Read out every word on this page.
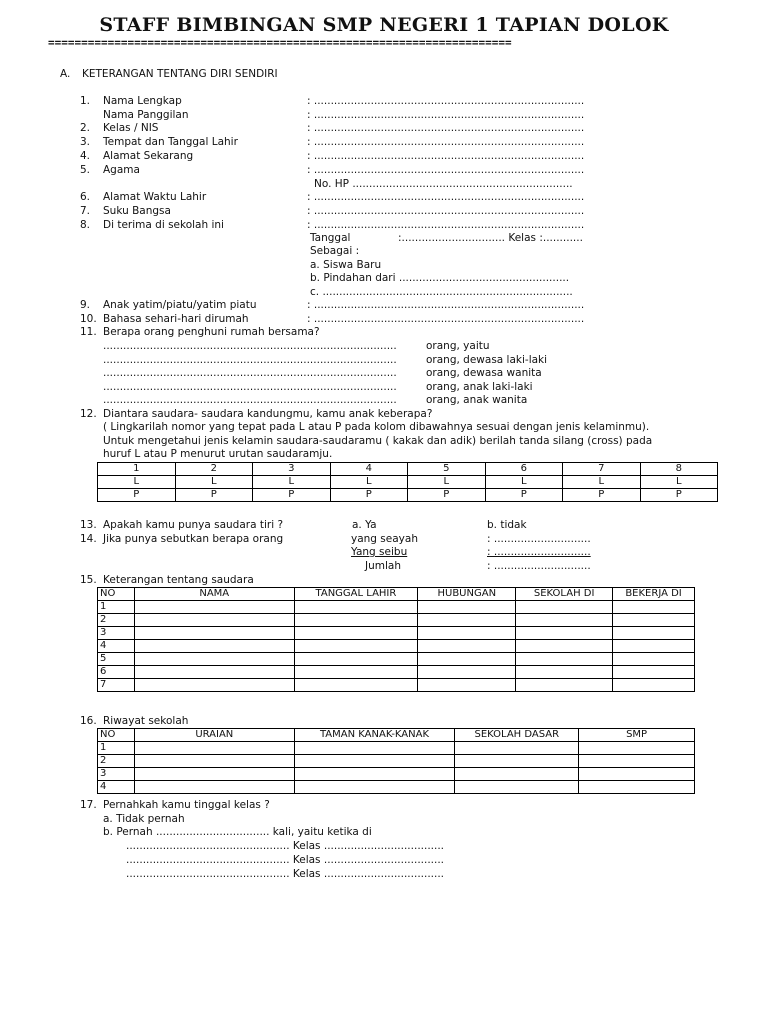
STAFF BIMBINGAN SMP NEGERI 1 TAPIAN DOLOK
======================================================================
A. KETERANGAN TENTANG DIRI SENDIRI
1. Nama Lengkap	: .................................................................................
Nama Panggilan	: .................................................................................
2. Kelas / NIS	: .................................................................................
3. Tempat dan Tanggal Lahir	: .................................................................................
4. Alamat Sekarang	: .................................................................................
5. Agama	: .................................................................................
6. Alamat Waktu Lahir	: .................................................................................
7. Suku Bangsa	: .................................................................................
8. Di terima di sekolah ini	: .................................................................................
9. Anak yatim/piatu/yatim piatu	: .................................................................................
10. Bahasa sehari-hari dirumah	: .................................................................................
No. HP ..................................................................
Tanggal	:............................... Kelas :............
Sebagai :
a. Siswa Baru
b. Pindahan dari ...................................................
c. ...........................................................................
11. Berapa orang penghuni rumah bersama?
........................................................................................	orang, yaitu
........................................................................................	orang, dewasa laki-laki
........................................................................................	orang, dewasa wanita
........................................................................................	orang, anak laki-laki
........................................................................................	orang, anak wanita
12. Diantara saudara- saudara kandungmu, kamu anak keberapa?
( Lingkarilah nomor yang tepat pada L atau P pada kolom dibawahnya sesuai dengan jenis kelaminmu).
Untuk mengetahui jenis kelamin saudara-saudaramu ( kakak dan adik) berilah tanda silang (cross) pada
huruf L atau P menurut urutan saudaramju.
1	2	3	4	5	6	7	8
L	L	L	L	L	L	L	L
P	P	P	P	P	P	P	P
13. Apakah kamu punya saudara tiri ?	a. Ya	b. tidak
14. Jika punya sebutkan berapa orang	yang seayah	: .............................
Yang seibu	: .............................
Jumlah	: .............................
15. Keterangan tentang saudara
NO	NAMA	TANGGAL LAHIR	HUBUNGAN	SEKOLAH DI	BEKERJA DI
1					
2					
3					
4					
5					
6					
7					
16. Riwayat sekolah
NO	URAIAN	TAMAN KANAK-KANAK	SEKOLAH DASAR	SMP
1				
2				
3				
4				
17. Pernahkah kamu tinggal kelas ?
a. Tidak pernah
b. Pernah .................................. kali, yaitu ketika di
................................................. Kelas ....................................
................................................. Kelas ....................................
................................................. Kelas ....................................
